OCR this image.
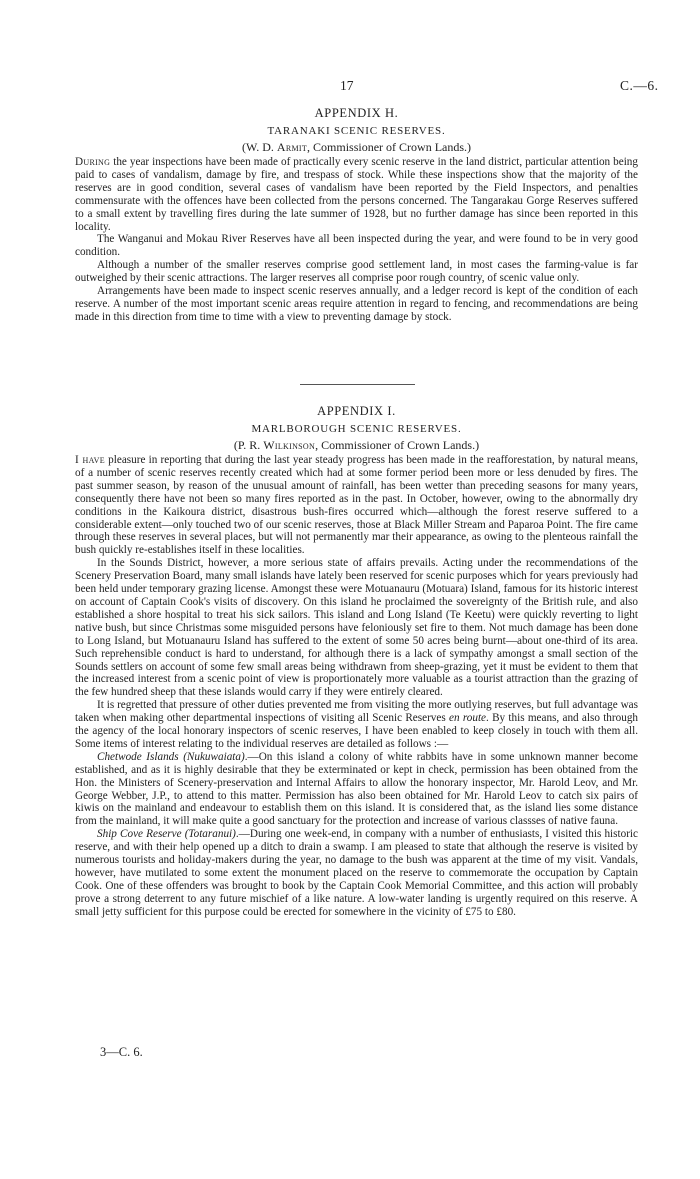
17	C.—6.
APPENDIX H.
TARANAKI SCENIC RESERVES.
(W. D. Armit, Commissioner of Crown Lands.)

During the year inspections have been made of practically every scenic reserve in the land district, particular attention being paid to cases of vandalism, damage by fire, and trespass of stock. While these inspections show that the majority of the reserves are in good condition, several cases of vandalism have been reported by the Field Inspectors, and penalties commensurate with the offences have been collected from the persons concerned. The Tangarakau Gorge Reserves suffered to a small extent by travelling fires during the late summer of 1928, but no further damage has since been reported in this locality.

The Wanganui and Mokau River Reserves have all been inspected during the year, and were found to be in very good condition.

Although a number of the smaller reserves comprise good settlement land, in most cases the farming-value is far outweighed by their scenic attractions. The larger reserves all comprise poor rough country, of scenic value only.

Arrangements have been made to inspect scenic reserves annually, and a ledger record is kept of the condition of each reserve. A number of the most important scenic areas require attention in regard to fencing, and recommendations are being made in this direction from time to time with a view to preventing damage by stock.

APPENDIX I.
MARLBOROUGH SCENIC RESERVES.
(P. R. Wilkinson, Commissioner of Crown Lands.)

I have pleasure in reporting that during the last year steady progress has been made in the reafforestation, by natural means, of a number of scenic reserves recently created which had at some former period been more or less denuded by fires. The past summer season, by reason of the unusual amount of rainfall, has been wetter than preceding seasons for many years, consequently there have not been so many fires reported as in the past. In October, however, owing to the abnormally dry conditions in the Kaikoura district, disastrous bush-fires occurred which—although the forest reserve suffered to a considerable extent—only touched two of our scenic reserves, those at Black Miller Stream and Paparoa Point. The fire came through these reserves in several places, but will not permanently mar their appearance, as owing to the plenteous rainfall the bush quickly re-establishes itself in these localities.

In the Sounds District, however, a more serious state of affairs prevails. Acting under the recommendations of the Scenery Preservation Board, many small islands have lately been reserved for scenic purposes which for years previously had been held under temporary grazing license. Amongst these were Motuanauru (Motuara) Island, famous for its historic interest on account of Captain Cook's visits of discovery. On this island he proclaimed the sovereignty of the British rule, and also established a shore hospital to treat his sick sailors. This island and Long Island (Te Keetu) were quickly reverting to light native bush, but since Christmas some misguided persons have feloniously set fire to them. Not much damage has been done to Long Island, but Motuanauru Island has suffered to the extent of some 50 acres being burnt—about one-third of its area. Such reprehensible conduct is hard to understand, for although there is a lack of sympathy amongst a small section of the Sounds settlers on account of some few small areas being withdrawn from sheep-grazing, yet it must be evident to them that the increased interest from a scenic point of view is proportionately more valuable as a tourist attraction than the grazing of the few hundred sheep that these islands would carry if they were entirely cleared.

It is regretted that pressure of other duties prevented me from visiting the more outlying reserves, but full advantage was taken when making other departmental inspections of visiting all Scenic Reserves en route. By this means, and also through the agency of the local honorary inspectors of scenic reserves, I have been enabled to keep closely in touch with them all. Some items of interest relating to the individual reserves are detailed as follows :—

Chetwode Islands (Nukuwaiata).—On this island a colony of white rabbits have in some unknown manner become established, and as it is highly desirable that they be exterminated or kept in check, permission has been obtained from the Hon. the Ministers of Scenery-preservation and Internal Affairs to allow the honorary inspector, Mr. Harold Leov, and Mr. George Webber, J.P., to attend to this matter. Permission has also been obtained for Mr. Harold Leov to catch six pairs of kiwis on the mainland and endeavour to establish them on this island. It is considered that, as the island lies some distance from the mainland, it will make quite a good sanctuary for the protection and increase of various classses of native fauna.

Ship Cove Reserve (Totaranui).—During one week-end, in company with a number of enthusiasts, I visited this historic reserve, and with their help opened up a ditch to drain a swamp. I am pleased to state that although the reserve is visited by numerous tourists and holiday-makers during the year, no damage to the bush was apparent at the time of my visit. Vandals, however, have mutilated to some extent the monument placed on the reserve to commemorate the occupation by Captain Cook. One of these offenders was brought to book by the Captain Cook Memorial Committee, and this action will probably prove a strong deterrent to any future mischief of a like nature. A low-water landing is urgently required on this reserve. A small jetty sufficient for this purpose could be erected for somewhere in the vicinity of £75 to £80.

3—C. 6.
